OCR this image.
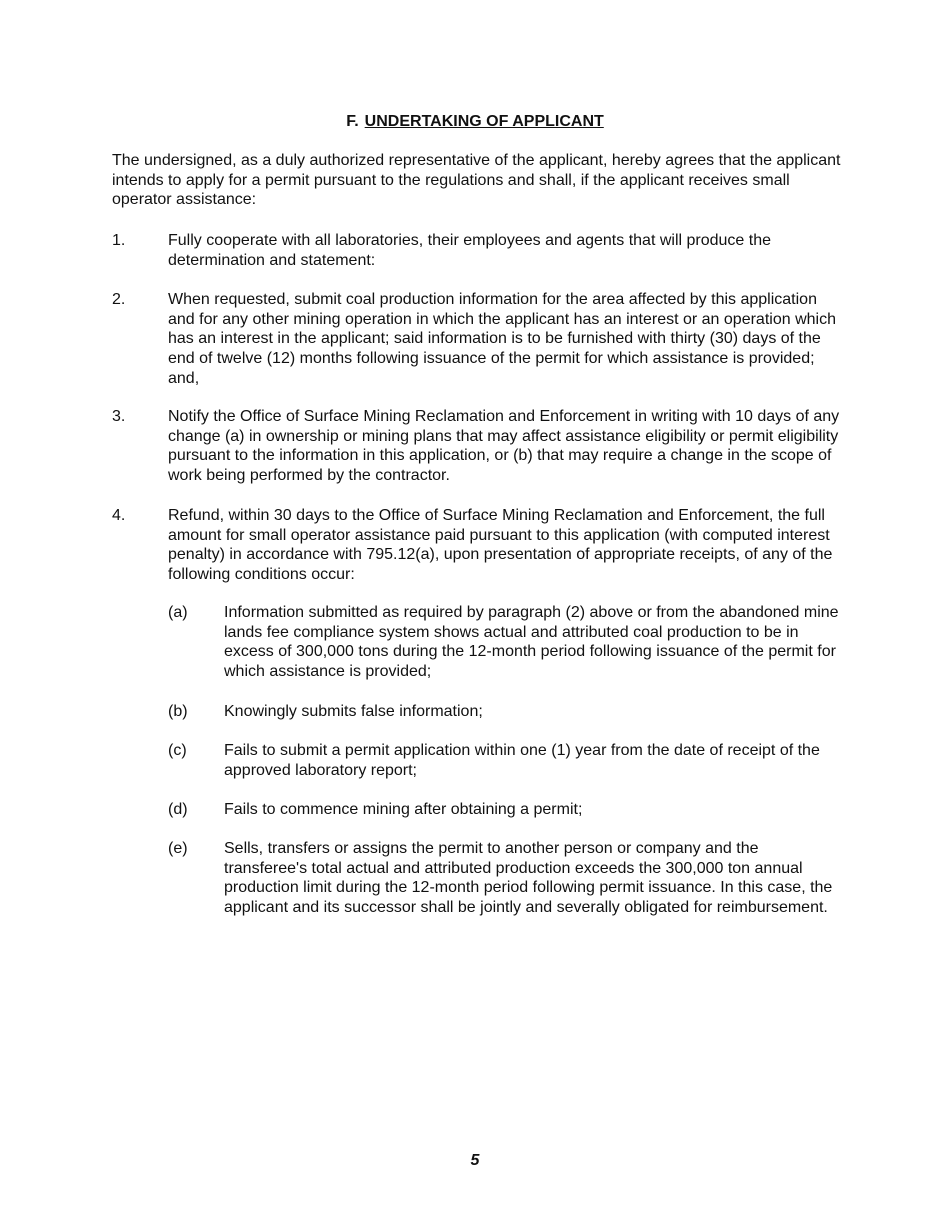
F. UNDERTAKING OF APPLICANT

The undersigned, as a duly authorized representative of the applicant, hereby agrees that the applicant intends to apply for a permit pursuant to the regulations and shall, if the applicant receives small operator assistance:

1.	Fully cooperate with all laboratories, their employees and agents that will produce the determination and statement:
2.	When requested, submit coal production information for the area affected by this application and for any other mining operation in which the applicant has an interest or an operation which has an interest in the applicant; said information is to be furnished with thirty (30) days of the end of twelve (12) months following issuance of the permit for which assistance is provided; and,
3.	Notify the Office of Surface Mining Reclamation and Enforcement in writing with 10 days of any change (a) in ownership or mining plans that may affect assistance eligibility or permit eligibility pursuant to the information in this application, or (b) that may require a change in the scope of work being performed by the contractor.
4.	Refund, within 30 days to the Office of Surface Mining Reclamation and Enforcement, the full amount for small operator assistance paid pursuant to this application (with computed interest penalty) in accordance with 795.12(a), upon presentation of appropriate receipts, of any of the following conditions occur:
(a) Information submitted as required by paragraph (2) above or from the abandoned mine lands fee compliance system shows actual and attributed coal production to be in excess of 300,000 tons during the 12-month period following issuance of the permit for which assistance is provided;
(b) Knowingly submits false information;
(c) Fails to submit a permit application within one (1) year from the date of receipt of the approved laboratory report;
(d) Fails to commence mining after obtaining a permit;
(e) Sells, transfers or assigns the permit to another person or company and the transferee's total actual and attributed production exceeds the 300,000 ton annual production limit during the 12-month period following permit issuance. In this case, the applicant and its successor shall be jointly and severally obligated for reimbursement.
5
